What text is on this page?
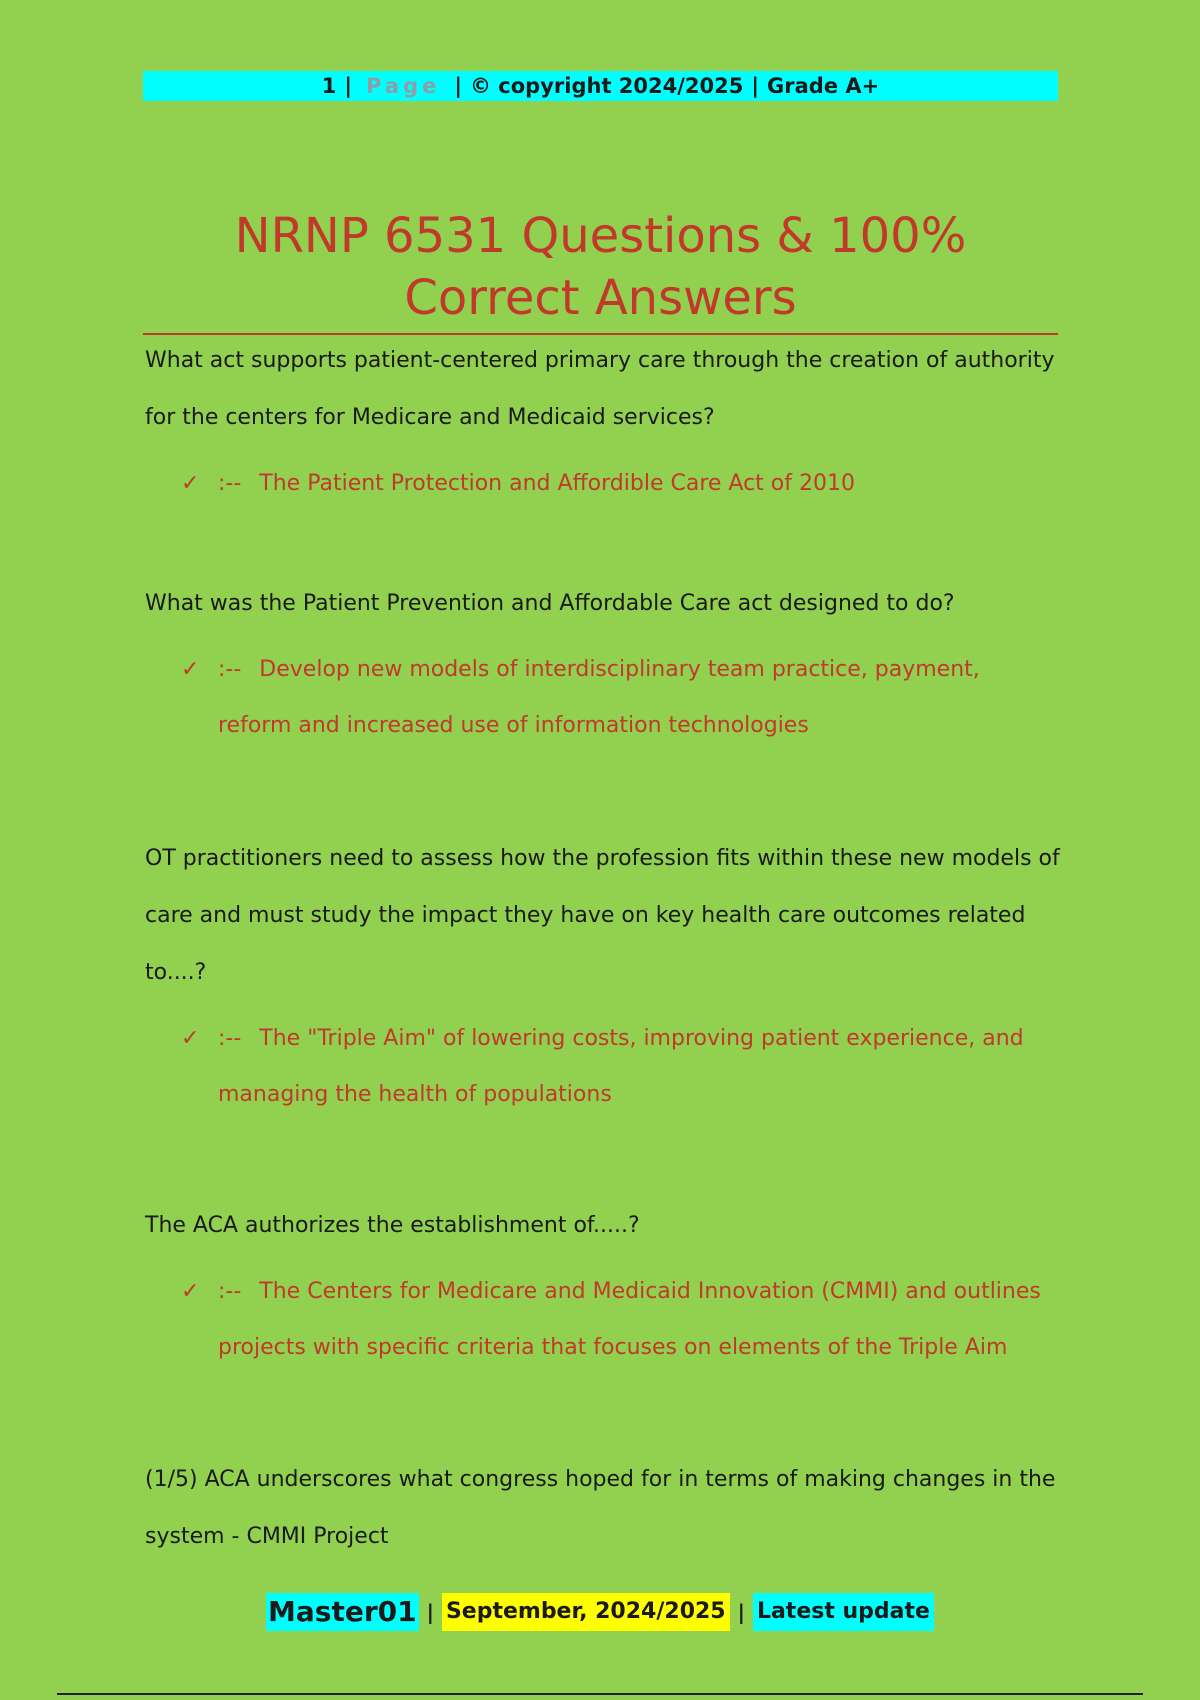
1 | Page | © copyright 2024/2025 | Grade A+
NRNP 6531 Questions & 100% Correct Answers

What act supports patient-centered primary care through the creation of authority for the centers for Medicare and Medicaid services?

✓ :-- The Patient Protection and Affordible Care Act of 2010

What was the Patient Prevention and Affordable Care act designed to do?

✓ :-- Develop new models of interdisciplinary team practice, payment, reform and increased use of information technologies

OT practitioners need to assess how the profession fits within these new models of care and must study the impact they have on key health care outcomes related to....?

✓ :-- The "Triple Aim" of lowering costs, improving patient experience, and managing the health of populations

The ACA authorizes the establishment of.....?

✓ :-- The Centers for Medicare and Medicaid Innovation (CMMI) and outlines projects with specific criteria that focuses on elements of the Triple Aim

(1/5) ACA underscores what congress hoped for in terms of making changes in the system - CMMI Project

Master01 | September, 2024/2025 | Latest update
